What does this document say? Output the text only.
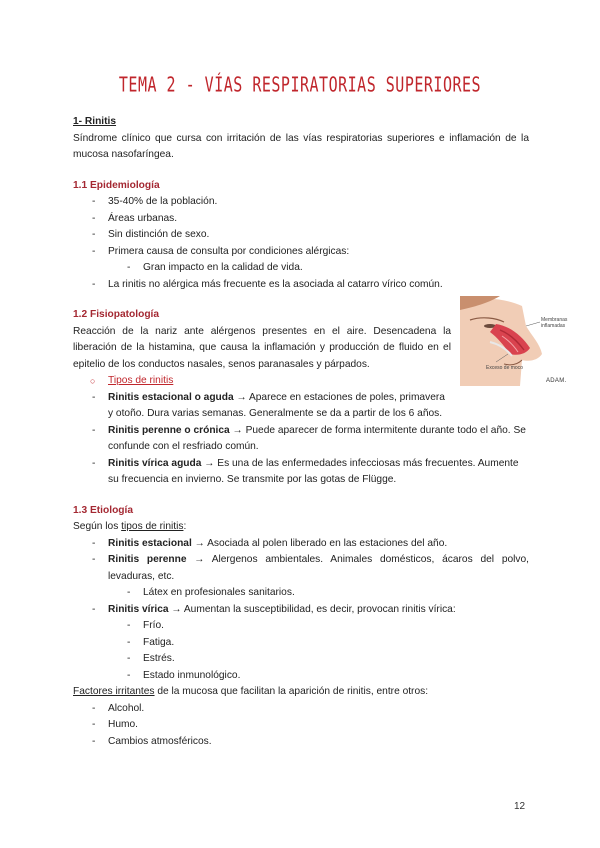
TEMA 2 - VÍAS RESPIRATORIAS SUPERIORES

1- Rinitis

Síndrome clínico que cursa con irritación de las vías respiratorias superiores e inflamación de la mucosa nasofaríngea.

1.1 Epidemiología

- 35-40% de la población.
- Áreas urbanas.
- Sin distinción de sexo.
- Primera causa de consulta por condiciones alérgicas:
- Gran impacto en la calidad de vida.
- La rinitis no alérgica más frecuente es la asociada al catarro vírico común.

1.2 Fisiopatología

Reacción de la nariz ante alérgenos presentes en el aire. Desencadena la liberación de la histamina, que causa la inflamación y producción de fluido en el epitelio de los conductos nasales, senos paranasales y párpados.

○ Tipos de rinitis
- Rinitis estacional o aguda → Aparece en estaciones de poles, primavera y otoño. Dura varias semanas. Generalmente se da a partir de los 6 años.
- Rinitis perenne o crónica → Puede aparecer de forma intermitente durante todo el año. Se confunde con el resfriado común.
- Rinitis vírica aguda → Es una de las enfermedades infecciosas más frecuentes. Aumente su frecuencia en invierno. Se transmite por las gotas de Flügge.

1.3 Etiología

Según los tipos de rinitis:

- Rinitis estacional → Asociada al polen liberado en las estaciones del año.
- Rinitis perenne → Alergenos ambientales. Animales domésticos, ácaros del polvo, levaduras, etc.
- Látex en profesionales sanitarios.
- Rinitis vírica → Aumentan la susceptibilidad, es decir, provocan rinitis vírica:
- Frío.
- Fatiga.
- Estrés.
- Estado inmunológico.

Factores irritantes de la mucosa que facilitan la aparición de rinitis, entre otros:

- Alcohol.
- Humo.
- Cambios atmosféricos.
Membranas inflamadas
Exceso de moco
ADAM.
12
